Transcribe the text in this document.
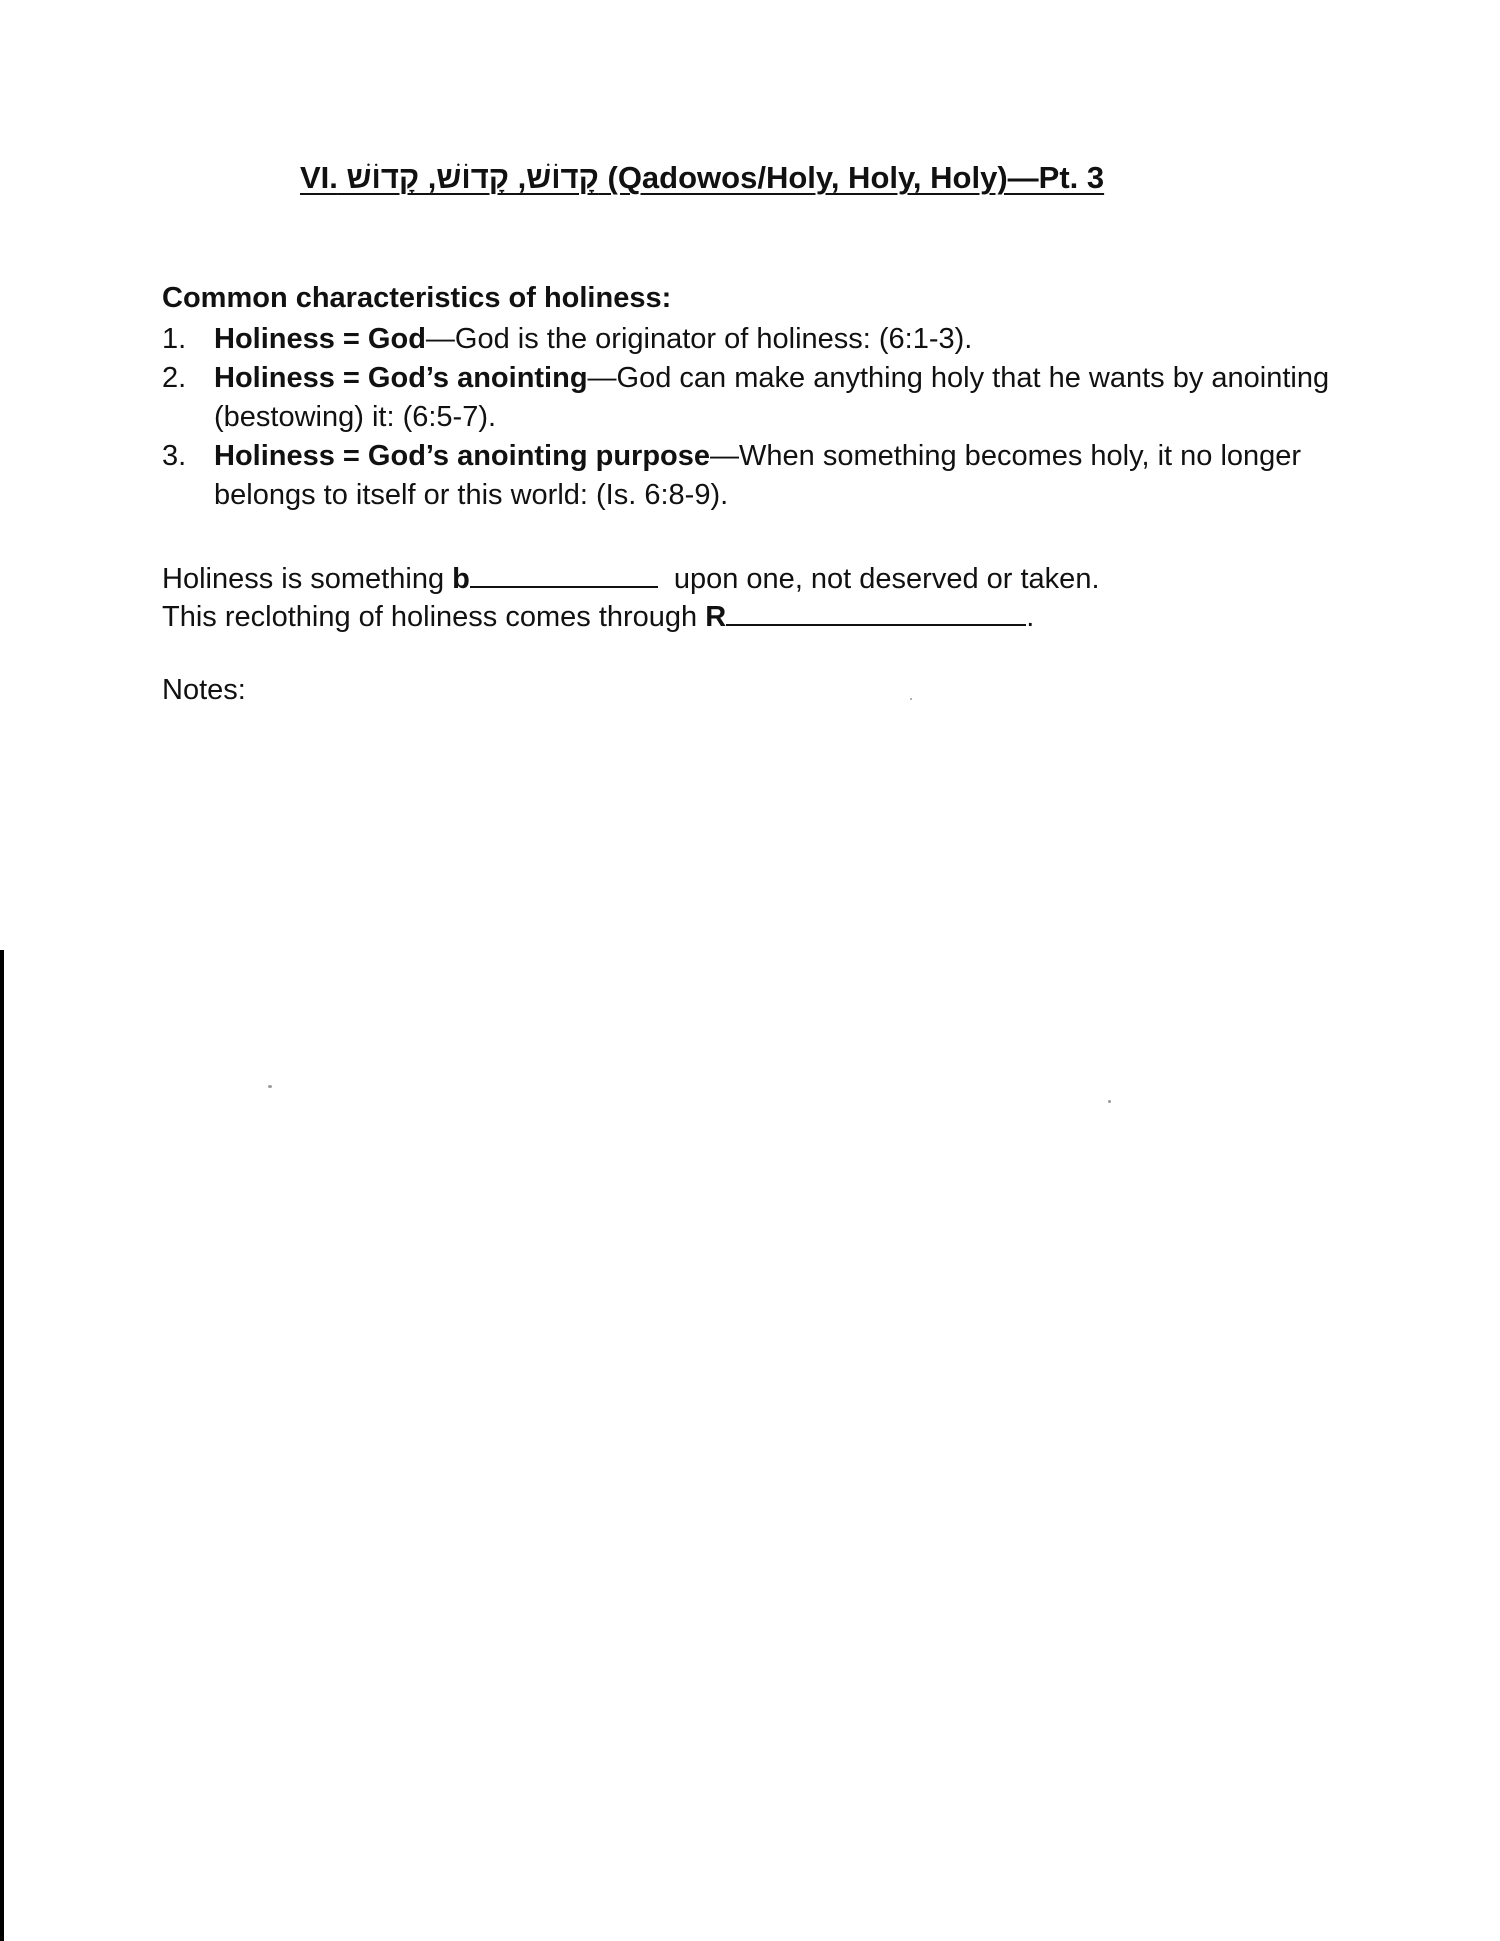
VI. קָדוֹשׁ, קָדוֹשׁ, קָדוֹשׁ (Qadowos/Holy, Holy, Holy)—Pt. 3
Common characteristics of holiness:
1. Holiness = God—God is the originator of holiness: (6:1-3).
2. Holiness = God’s anointing—God can make anything holy that he wants by anointing (bestowing) it: (6:5-7).
3. Holiness = God’s anointing purpose—When something becomes holy, it no longer belongs to itself or this world: (Is. 6:8-9).
Holiness is something b	upon one, not deserved or taken.
This reclothing of holiness comes through R	.
Notes:
